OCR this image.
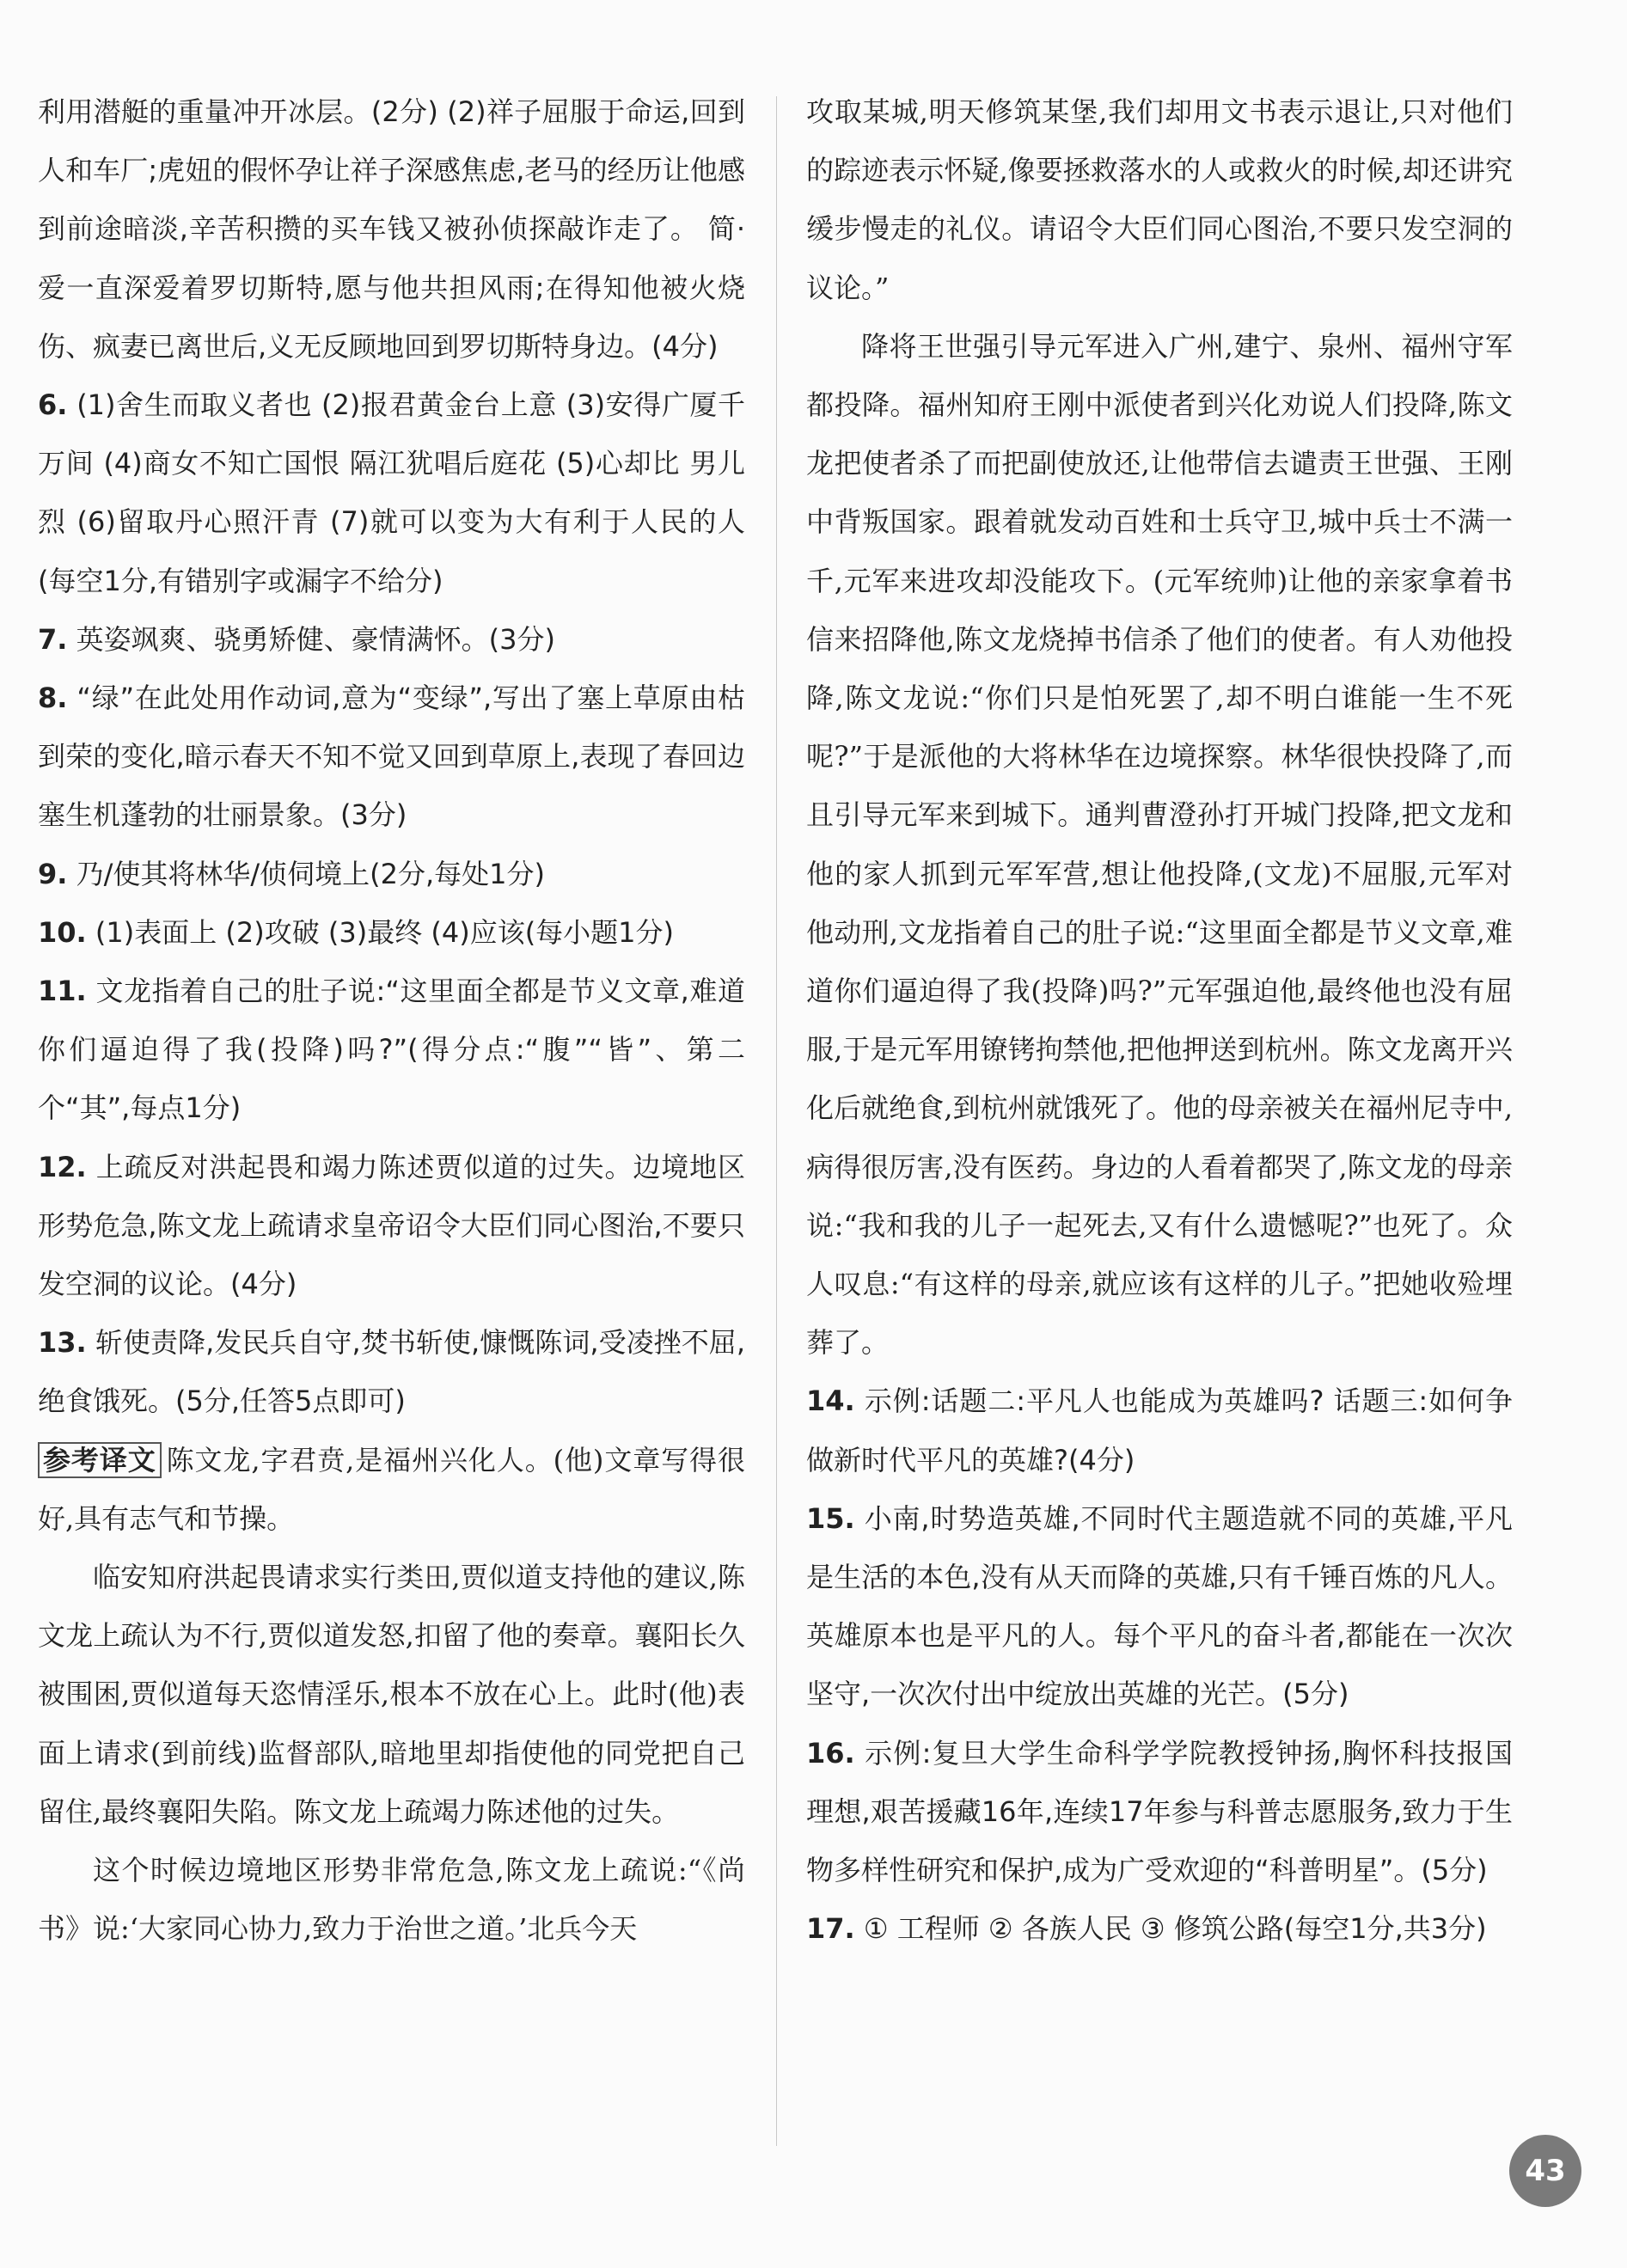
利用潜艇的重量冲开冰层。(2分) (2)祥子屈服于命运,回到人和车厂;虎妞的假怀孕让祥子深感焦虑,老马的经历让他感到前途暗淡,辛苦积攒的买车钱又被孙侦探敲诈走了。 简·爱一直深爱着罗切斯特,愿与他共担风雨;在得知他被火烧伤、疯妻已离世后,义无反顾地回到罗切斯特身边。(4分)

6. (1)舍生而取义者也 (2)报君黄金台上意 (3)安得广厦千万间 (4)商女不知亡国恨 隔江犹唱后庭花 (5)心却比 男儿烈 (6)留取丹心照汗青 (7)就可以变为大有利于人民的人(每空1分,有错别字或漏字不给分)

7. 英姿飒爽、骁勇矫健、豪情满怀。(3分)

8. “绿”在此处用作动词,意为“变绿”,写出了塞上草原由枯到荣的变化,暗示春天不知不觉又回到草原上,表现了春回边塞生机蓬勃的壮丽景象。(3分)

9. 乃/使其将林华/侦伺境上(2分,每处1分)

10. (1)表面上 (2)攻破 (3)最终 (4)应该(每小题1分)

11. 文龙指着自己的肚子说:“这里面全都是节义文章,难道你们逼迫得了我(投降)吗?”(得分点:“腹”“皆”、第二个“其”,每点1分)

12. 上疏反对洪起畏和竭力陈述贾似道的过失。边境地区形势危急,陈文龙上疏请求皇帝诏令大臣们同心图治,不要只发空洞的议论。(4分)

13. 斩使责降,发民兵自守,焚书斩使,慷慨陈词,受凌挫不屈,绝食饿死。(5分,任答5点即可)

参考译文 陈文龙,字君贲,是福州兴化人。(他)文章写得很好,具有志气和节操。

临安知府洪起畏请求实行类田,贾似道支持他的建议,陈文龙上疏认为不行,贾似道发怒,扣留了他的奏章。襄阳长久被围困,贾似道每天恣情淫乐,根本不放在心上。此时(他)表面上请求(到前线)监督部队,暗地里却指使他的同党把自己留住,最终襄阳失陷。陈文龙上疏竭力陈述他的过失。

这个时候边境地区形势非常危急,陈文龙上疏说:“《尚书》说:‘大家同心协力,致力于治世之道。’北兵今天

攻取某城,明天修筑某堡,我们却用文书表示退让,只对他们的踪迹表示怀疑,像要拯救落水的人或救火的时候,却还讲究缓步慢走的礼仪。请诏令大臣们同心图治,不要只发空洞的议论。”

降将王世强引导元军进入广州,建宁、泉州、福州守军都投降。福州知府王刚中派使者到兴化劝说人们投降,陈文龙把使者杀了而把副使放还,让他带信去谴责王世强、王刚中背叛国家。跟着就发动百姓和士兵守卫,城中兵士不满一千,元军来进攻却没能攻下。(元军统帅)让他的亲家拿着书信来招降他,陈文龙烧掉书信杀了他们的使者。有人劝他投降,陈文龙说:“你们只是怕死罢了,却不明白谁能一生不死呢?”于是派他的大将林华在边境探察。林华很快投降了,而且引导元军来到城下。通判曹澄孙打开城门投降,把文龙和他的家人抓到元军军营,想让他投降,(文龙)不屈服,元军对他动刑,文龙指着自己的肚子说:“这里面全都是节义文章,难道你们逼迫得了我(投降)吗?”元军强迫他,最终他也没有屈服,于是元军用镣铐拘禁他,把他押送到杭州。陈文龙离开兴化后就绝食,到杭州就饿死了。他的母亲被关在福州尼寺中,病得很厉害,没有医药。身边的人看着都哭了,陈文龙的母亲说:“我和我的儿子一起死去,又有什么遗憾呢?”也死了。众人叹息:“有这样的母亲,就应该有这样的儿子。”把她收殓埋葬了。

14. 示例:话题二:平凡人也能成为英雄吗? 话题三:如何争做新时代平凡的英雄?(4分)

15. 小南,时势造英雄,不同时代主题造就不同的英雄,平凡是生活的本色,没有从天而降的英雄,只有千锤百炼的凡人。英雄原本也是平凡的人。每个平凡的奋斗者,都能在一次次坚守,一次次付出中绽放出英雄的光芒。(5分)

16. 示例:复旦大学生命科学学院教授钟扬,胸怀科技报国理想,艰苦援藏16年,连续17年参与科普志愿服务,致力于生物多样性研究和保护,成为广受欢迎的“科普明星”。(5分)

17. ① 工程师 ② 各族人民 ③ 修筑公路(每空1分,共3分)

43
